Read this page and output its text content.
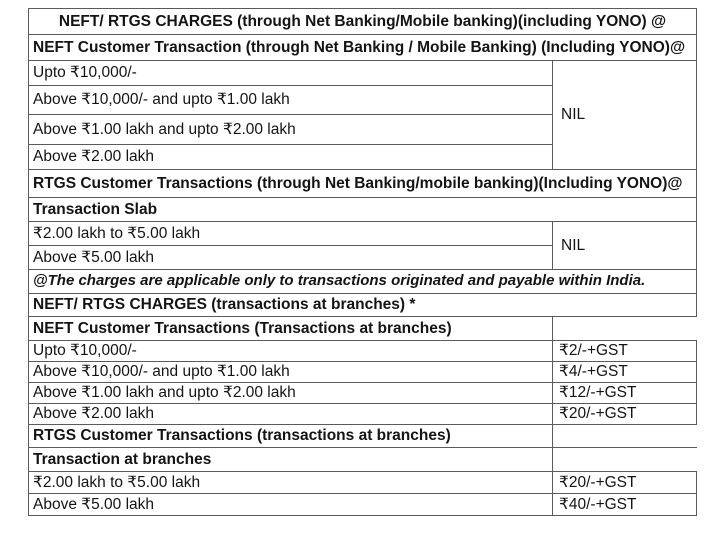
NEFT/ RTGS CHARGES (through Net Banking/Mobile banking)(including YONO) @	
NEFT Customer Transaction (through Net Banking / Mobile Banking) (Including YONO)@	
Upto ₹10,000/-	NIL
Above ₹10,000/- and upto ₹1.00 lakh	
Above ₹1.00 lakh and upto ₹2.00 lakh	
Above ₹2.00 lakh	
RTGS Customer Transactions (through Net Banking/mobile banking)(Including YONO)@	
Transaction Slab	
₹2.00 lakh to ₹5.00 lakh	NIL
Above ₹5.00 lakh	
@The charges are applicable only to transactions originated and payable within India.	
NEFT/ RTGS CHARGES (transactions at branches) *	
NEFT Customer Transactions (Transactions at branches)	
Upto ₹10,000/-	₹2/-+GST
Above ₹10,000/- and upto ₹1.00 lakh	₹4/-+GST
Above ₹1.00 lakh and upto ₹2.00 lakh	₹12/-+GST
Above ₹2.00 lakh	₹20/-+GST
RTGS Customer Transactions (transactions at branches)	
Transaction at branches	
₹2.00 lakh to ₹5.00 lakh	₹20/-+GST
Above ₹5.00 lakh	₹40/-+GST
